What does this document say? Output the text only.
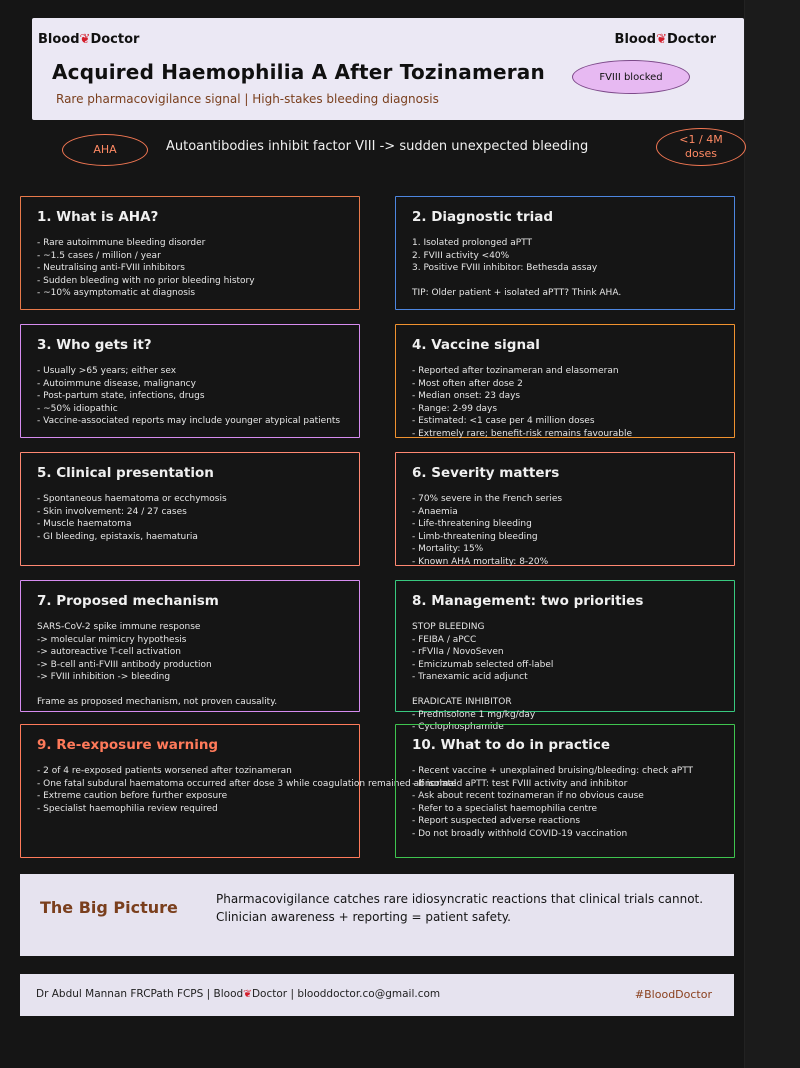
Blood❦Doctor	Blood❦Doctor
Acquired Haemophilia A After Tozinameran
Rare pharmacovigilance signal | High-stakes bleeding diagnosis
FVIII blocked
AHA	Autoantibodies inhibit factor VIII -> sudden unexpected bleeding	<1 / 4M
doses
1. What is AHA?
- Rare autoimmune bleeding disorder
- ~1.5 cases / million / year
- Neutralising anti-FVIII inhibitors
- Sudden bleeding with no prior bleeding history
- ~10% asymptomatic at diagnosis
2. Diagnostic triad
1. Isolated prolonged aPTT
2. FVIII activity <40%
3. Positive FVIII inhibitor: Bethesda assay
TIP: Older patient + isolated aPTT? Think AHA.
3. Who gets it?
- Usually >65 years; either sex
- Autoimmune disease, malignancy
- Post-partum state, infections, drugs
- ~50% idiopathic
- Vaccine-associated reports may include younger atypical patients
4. Vaccine signal
- Reported after tozinameran and elasomeran
- Most often after dose 2
- Median onset: 23 days
- Range: 2-99 days
- Estimated: <1 case per 4 million doses
- Extremely rare; benefit-risk remains favourable
5. Clinical presentation
- Spontaneous haematoma or ecchymosis
- Skin involvement: 24 / 27 cases
- Muscle haematoma
- GI bleeding, epistaxis, haematuria
6. Severity matters
- 70% severe in the French series
- Anaemia
- Life-threatening bleeding
- Limb-threatening bleeding
- Mortality: 15%
- Known AHA mortality: 8-20%
7. Proposed mechanism
SARS-CoV-2 spike immune response
-> molecular mimicry hypothesis
-> autoreactive T-cell activation
-> B-cell anti-FVIII antibody production
-> FVIII inhibition -> bleeding
Frame as proposed mechanism, not proven causality.
8. Management: two priorities
STOP BLEEDING
- FEIBA / aPCC
- rFVIIa / NovoSeven
- Emicizumab selected off-label
- Tranexamic acid adjunct
ERADICATE INHIBITOR
- Prednisolone 1 mg/kg/day
- Cyclophosphamide
9. Re-exposure warning
- 2 of 4 re-exposed patients worsened after tozinameran
- One fatal subdural haematoma occurred after dose 3 while coagulation remained abnormal
- Extreme caution before further exposure
- Specialist haemophilia review required
10. What to do in practice
- Recent vaccine + unexplained bruising/bleeding: check aPTT
- If isolated aPTT: test FVIII activity and inhibitor
- Ask about recent tozinameran if no obvious cause
- Refer to a specialist haemophilia centre
- Report suspected adverse reactions
- Do not broadly withhold COVID-19 vaccination
The Big Picture	Pharmacovigilance catches rare idiosyncratic reactions that clinical trials cannot.
Clinician awareness + reporting = patient safety.
Dr Abdul Mannan FRCPath FCPS | Blood❦Doctor | blooddoctor.co@gmail.com	#BloodDoctor
